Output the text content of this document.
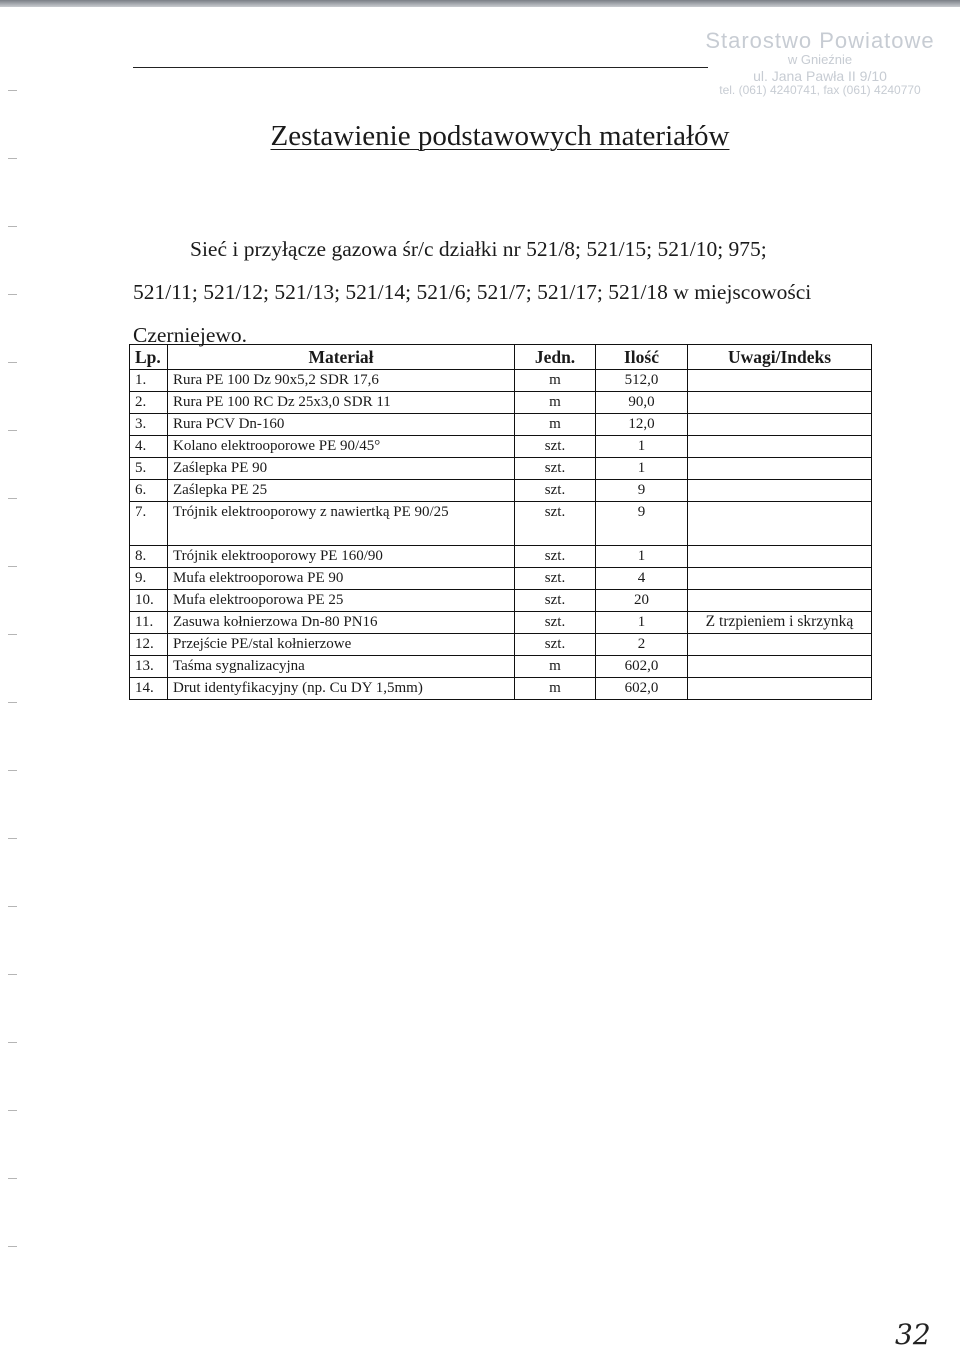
Starostwo Powiatowe
w Gnieźnie
ul. Jana Pawła II 9/10
tel. (061) 4240741, fax (061) 4240770
Zestawienie podstawowych materiałów
Sieć i przyłącze gazowa śr/c działki nr 521/8; 521/15; 521/10; 975;
521/11; 521/12; 521/13; 521/14; 521/6; 521/7; 521/17; 521/18 w miejscowości
Czerniejewo.
Lp.	Materiał	Jedn.	Ilość	Uwagi/Indeks
1.	Rura PE 100 Dz 90x5,2 SDR 17,6	m	512,0	
2.	Rura PE 100 RC Dz 25x3,0 SDR 11	m	90,0	
3.	Rura PCV Dn-160	m	12,0	
4.	Kolano elektrooporowe PE 90/45°	szt.	1	
5.	Zaślepka PE 90	szt.	1	
6.	Zaślepka PE 25	szt.	9	
7.	Trójnik elektrooporowy z nawiertką PE 90/25	szt.	9	
8.	Trójnik elektrooporowy PE 160/90	szt.	1	
9.	Mufa elektrooporowa PE 90	szt.	4	
10.	Mufa elektrooporowa PE 25	szt.	20	
11.	Zasuwa kołnierzowa Dn-80 PN16	szt.	1	Z trzpieniem i skrzynką
12.	Przejście PE/stal kołnierzowe	szt.	2	
13.	Taśma sygnalizacyjna	m	602,0	
14.	Drut identyfikacyjny (np. Cu DY 1,5mm)	m	602,0	
32
